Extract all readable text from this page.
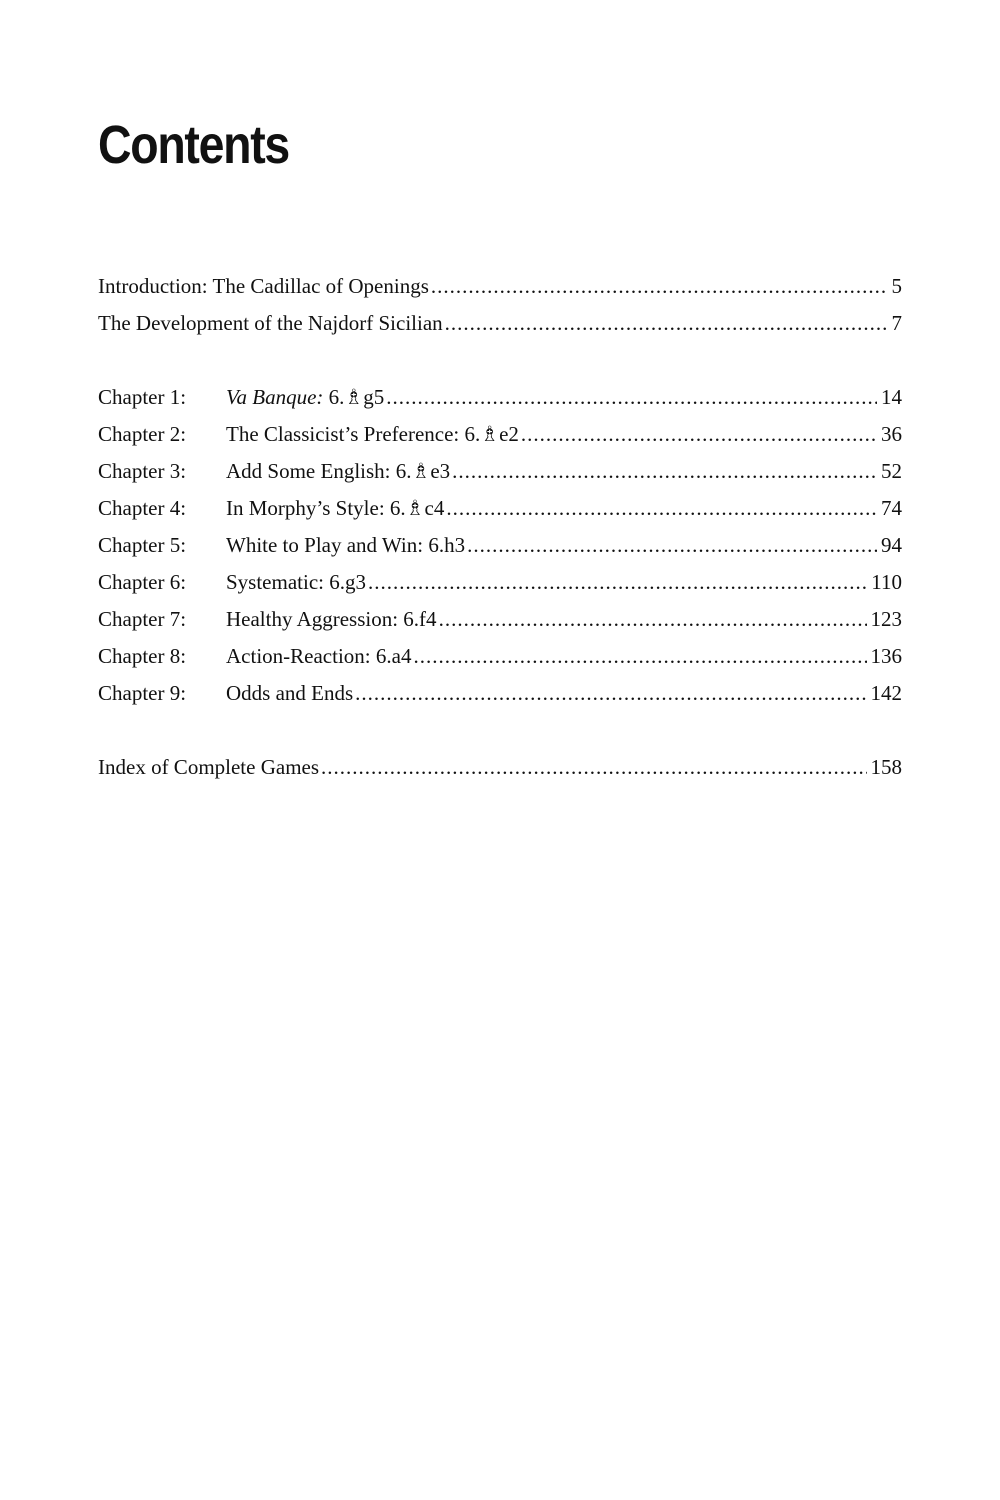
Contents
Introduction: The Cadillac of Openings .....	5
The Development of the Najdorf Sicilian .....	7
Chapter 1:	Va Banque: 6.♗g5 .....	14
Chapter 2:	The Classicist’s Preference: 6.♗e2 .....	36
Chapter 3:	Add Some English: 6.♗e3 .....	52
Chapter 4:	In Morphy’s Style: 6.♗c4 .....	74
Chapter 5:	White to Play and Win: 6.h3 .....	94
Chapter 6:	Systematic: 6.g3 .....	110
Chapter 7:	Healthy Aggression: 6.f4 .....	123
Chapter 8:	Action-Reaction: 6.a4 .....	136
Chapter 9:	Odds and Ends .....	142
Index of Complete Games .....	158
